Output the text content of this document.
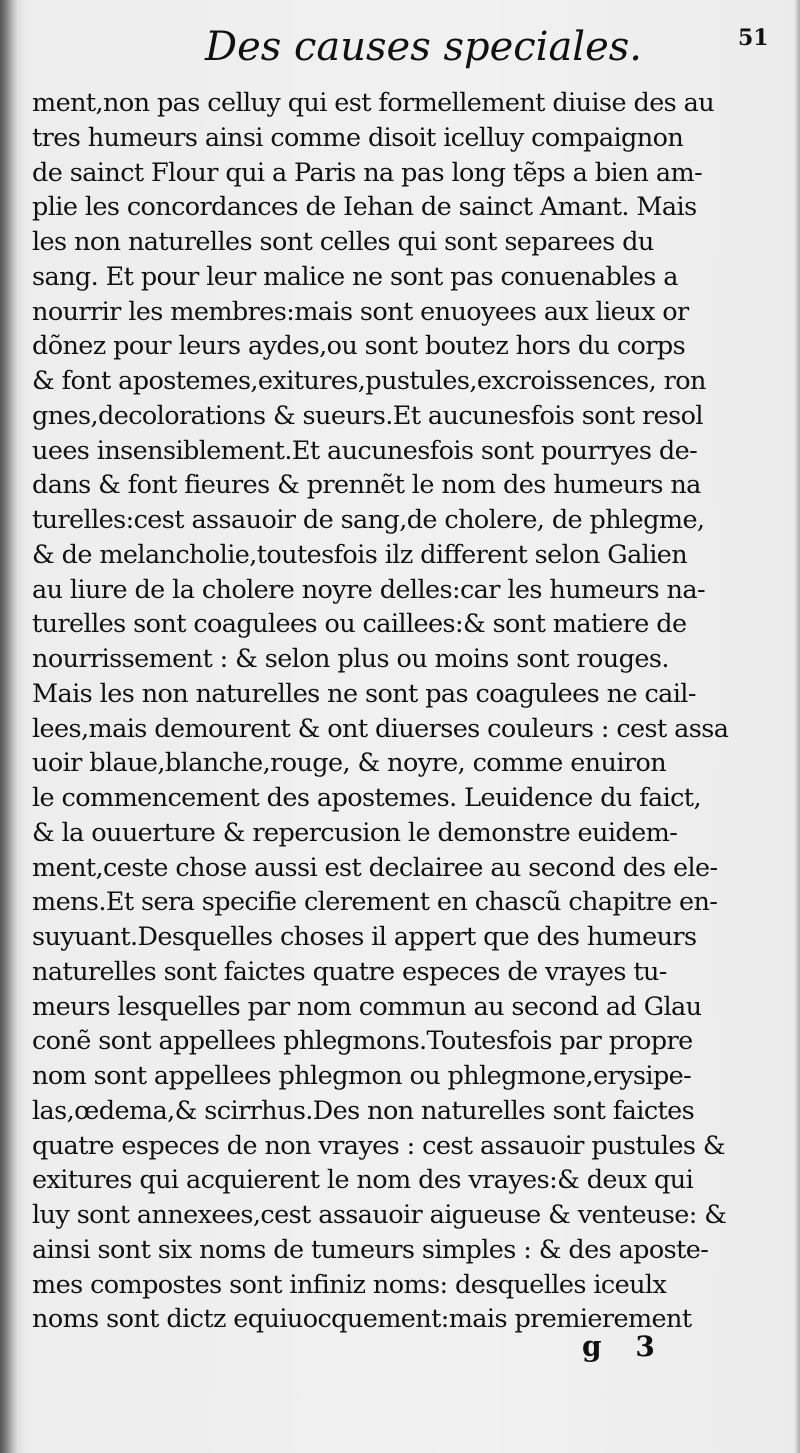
Des causes speciales.	51
ment,non pas celluy qui est formellement diuise des au
tres humeurs ainsi comme disoit icelluy compaignon
de sainct Flour qui a Paris na pas long tẽps a bien am-
plie les concordances de Iehan de sainct Amant. Mais
les non naturelles sont celles qui sont separees du
sang. Et pour leur malice ne sont pas conuenables a
nourrir les membres:mais sont enuoyees aux lieux or
dõnez pour leurs aydes,ou sont boutez hors du corps
& font apostemes,exitures,pustules,excroissences, ron
gnes,decolorations & sueurs.Et aucunesfois sont resol
uees insensiblement.Et aucunesfois sont pourryes de-
dans & font fieures & prennẽt le nom des humeurs na
turelles:cest assauoir de sang,de cholere, de phlegme,
& de melancholie,toutesfois ilz different selon Galien
au liure de la cholere noyre delles:car les humeurs na-
turelles sont coagulees ou caillees:& sont matiere de
nourrissement : & selon plus ou moins sont rouges.
Mais les non naturelles ne sont pas coagulees ne cail-
lees,mais demourent & ont diuerses couleurs : cest assa
uoir blaue,blanche,rouge, & noyre, comme enuiron
le commencement des apostemes. Leuidence du faict,
& la ouuerture & repercusion le demonstre euidem-
ment,ceste chose aussi est declairee au second des ele-
mens.Et sera specifie clerement en chascũ chapitre en-
suyuant.Desquelles choses il appert que des humeurs
naturelles sont faictes quatre especes de vrayes tu-
meurs lesquelles par nom commun au second ad Glau
conẽ sont appellees phlegmons.Toutesfois par propre
nom sont appellees phlegmon ou phlegmone,erysipe-
las,œdema,& scirrhus.Des non naturelles sont faictes
quatre especes de non vrayes : cest assauoir pustules &
exitures qui acquierent le nom des vrayes:& deux qui
luy sont annexees,cest assauoir aigueuse & venteuse: &
ainsi sont six noms de tumeurs simples : & des aposte-
mes compostes sont infiniz noms: desquelles iceulx
noms sont dictz equiuocquement:mais premierement
g 3
